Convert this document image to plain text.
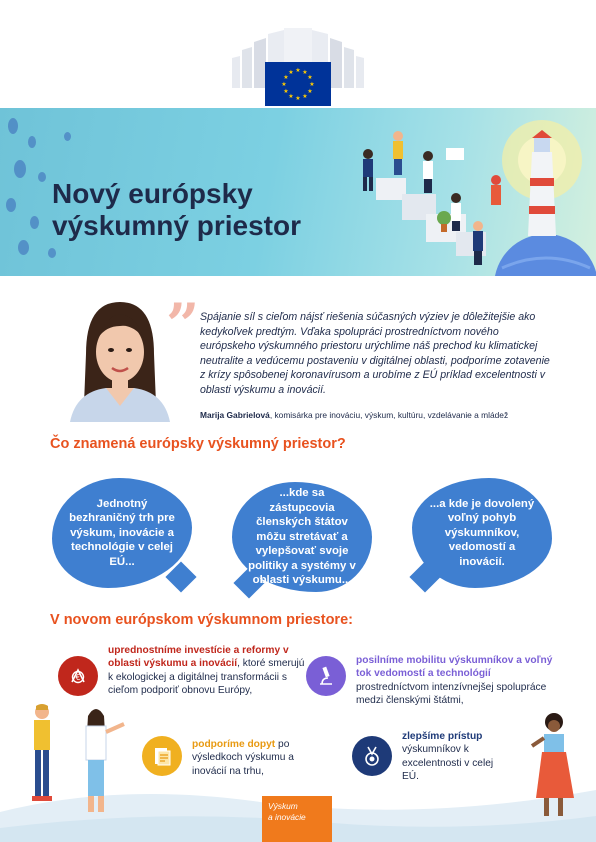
★ ★
★
★
★
★
★
★
★
★
★
★
Nový európsky
výskumný priestor
” Spájanie síl s cieľom nájsť riešenia súčasných výziev je dôležitejšie ako kedykoľvek predtým. Vďaka spolupráci prostredníctvom nového európskeho výskumného priestoru urýchlime náš prechod ku klimatickej neutralite a vedúcemu postaveniu v digitálnej oblasti, podporíme zotavenie z krízy spôsobenej koronavírusom a urobíme z EÚ príklad excelentnosti v oblasti výskumu a inovácií.
Marija Gabrielová, komisárka pre inováciu, výskum, kultúru, vzdelávanie a mládež
Čo znamená európsky výskumný priestor?
Jednotný bezhraničný trh pre výskum, inovácie a technológie v celej EÚ...
...kde sa zástupcovia členských štátov môžu stretávať a vylepšovať svoje politiky a systémy v oblasti výskumu...
...a kde je dovolený voľný pohyb výskumníkov, vedomostí a inovácií.
V novom európskom výskumnom priestore:
€
uprednostníme investície a reformy v oblasti výskumu a inovácií, ktoré smerujú k ekologickej a digitálnej transformácii s cieľom podporiť obnovu Európy,
posilníme mobilitu výskumníkov a voľný tok vedomostí a technológií prostredníctvom intenzívnejšej spolupráce medzi členskými štátmi,
podporíme dopyt po výsledkoch výskumu a inovácií na trhu,
zlepšíme prístup výskumníkov k excelentnosti v celej EÚ.
Výskum
a inovácie
